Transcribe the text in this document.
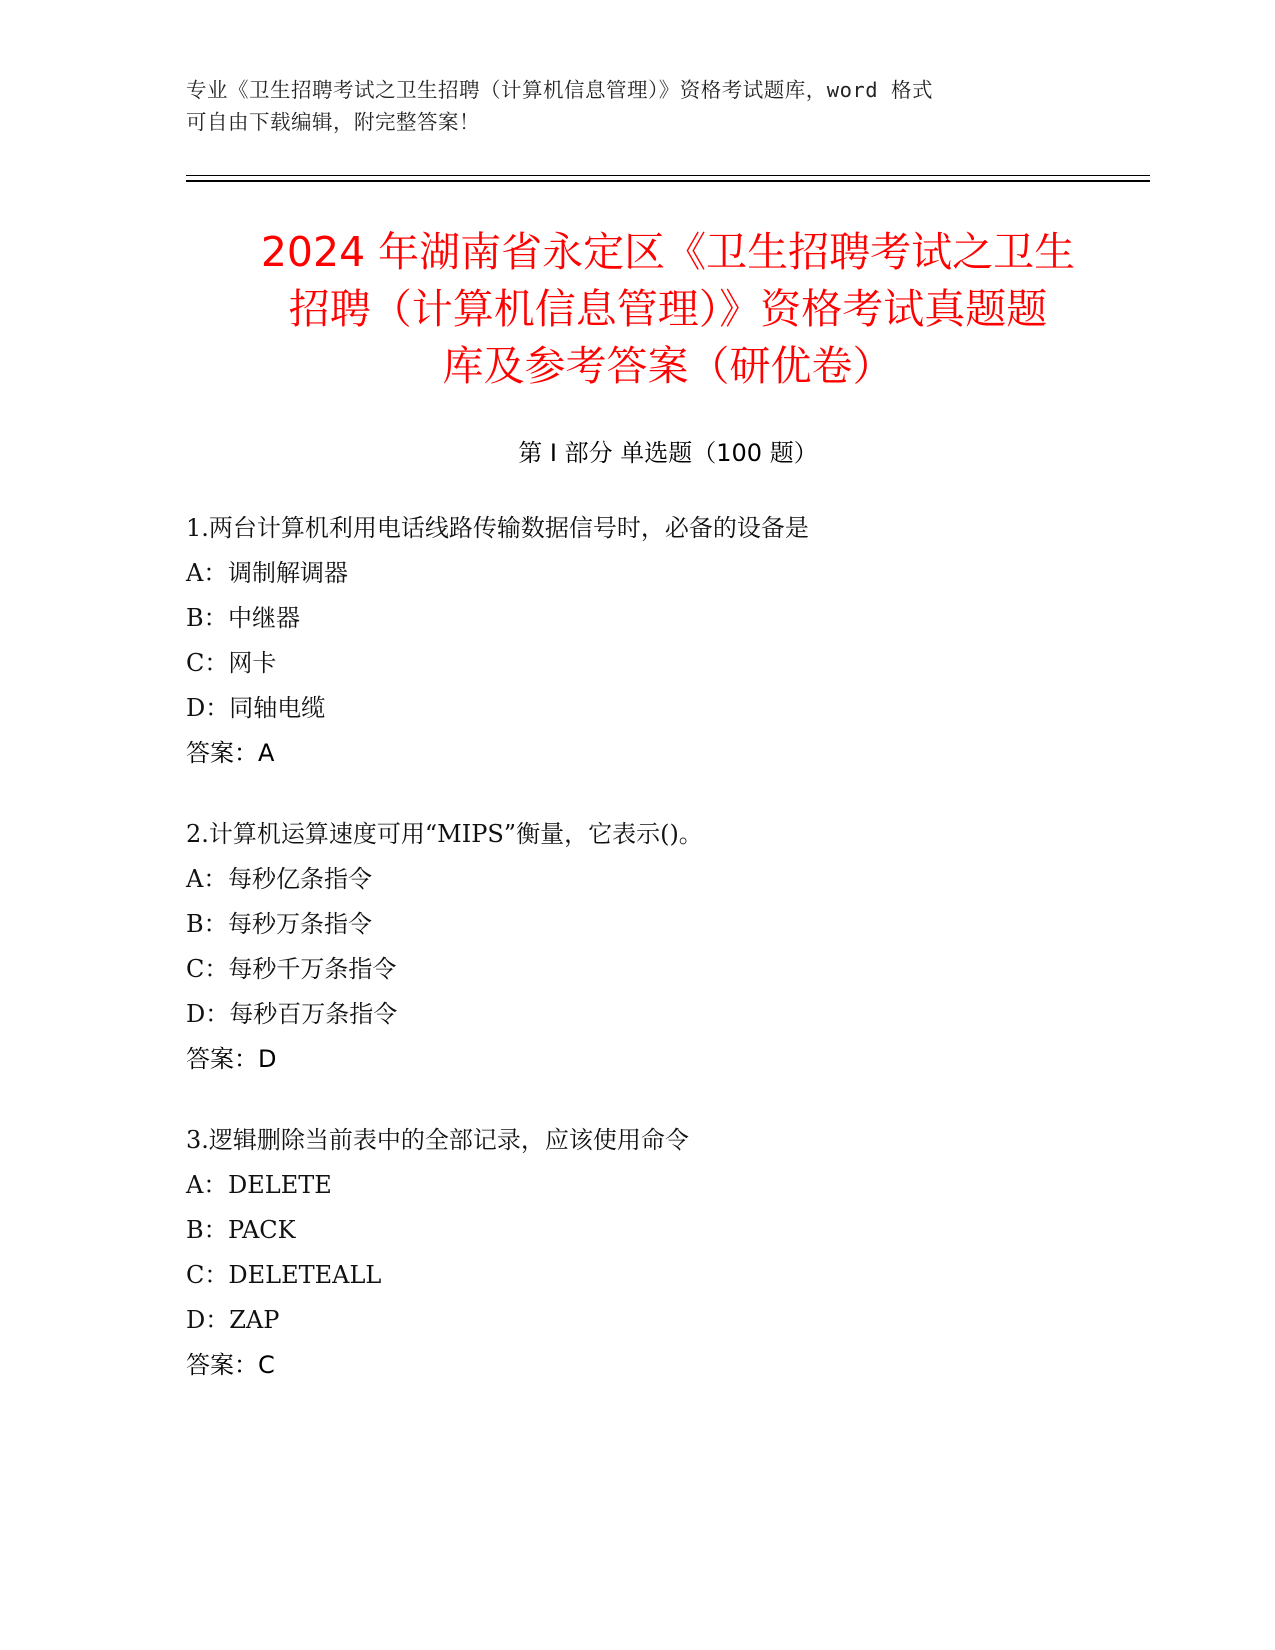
专业《卫生招聘考试之卫生招聘（计算机信息管理）》资格考试题库，word 格式
可自由下载编辑，附完整答案！
2024 年湖南省永定区《卫生招聘考试之卫生
招聘（计算机信息管理）》资格考试真题题
库及参考答案（研优卷）
第 I 部分 单选题（100 题）
1.两台计算机利用电话线路传输数据信号时，必备的设备是
A：调制解调器
B：中继器
C：网卡
D：同轴电缆
答案：A
2.计算机运算速度可用“MIPS”衡量，它表示()。
A：每秒亿条指令
B：每秒万条指令
C：每秒千万条指令
D：每秒百万条指令
答案：D
3.逻辑删除当前表中的全部记录，应该使用命令
A：DELETE
B：PACK
C：DELETEALL
D：ZAP
答案：C
